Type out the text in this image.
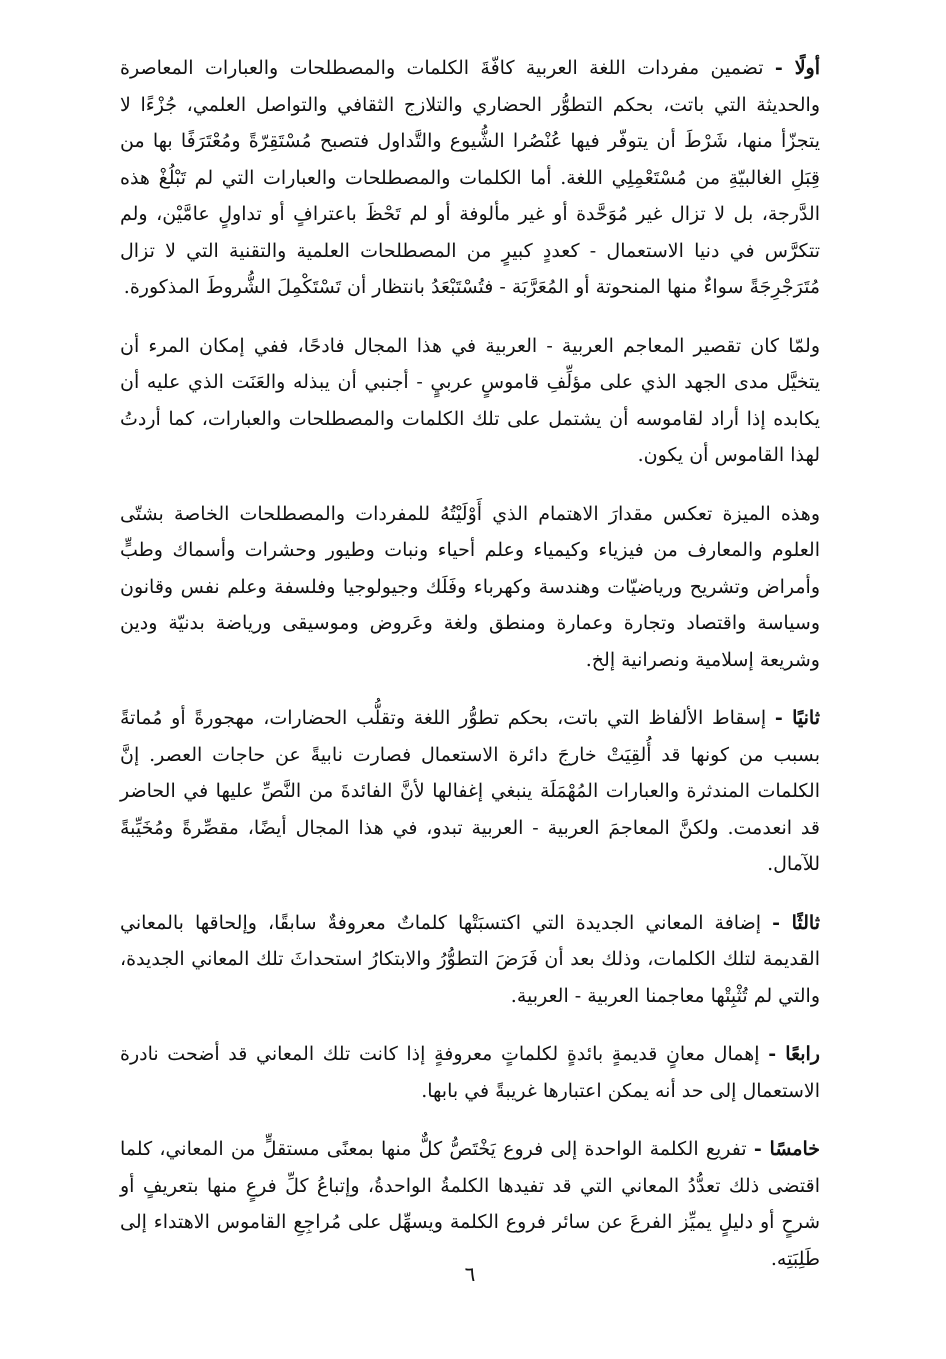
أولًا - تضمين مفردات اللغة العربية كافّةَ الكلمات والمصطلحات والعبارات المعاصرة والحديثة التي باتت، بحكم التطوُّر الحضاري والتلازج الثقافي والتواصل العلمي، جُزْءًا لا يتجزّأ منها، شَرْطَ أن يتوفّر فيها عُنْصُرا الشُّيوع والتَّداول فتصبح مُسْتَقِرّةً ومُعْتَرَفًا بها من قِبَلِ الغالبيّةِ من مُسْتَعْمِلِي اللغة. أما الكلمات والمصطلحات والعبارات التي لم تَبْلُغْ هذه الدَّرجة، بل لا تزال غير مُوَحَّدة أو غير مألوفة أو لم تَحْظَ باعترافٍ أو تداولٍ عامَّيْن، ولم تتكرَّس في دنيا الاستعمال - كعددٍ كبيرٍ من المصطلحات العلمية والتقنية التي لا تزال مُتَرَجْرِجَةً سواءٌ منها المنحوتة أو المُعَرَّبَة - فتُسْتَبْعَدُ بانتظار أن تَسْتَكْمِلَ الشُّروطَ المذكورة.

ولمّا كان تقصير المعاجم العربية - العربية في هذا المجال فادحًا، ففي إمكان المرء أن يتخيَّل مدى الجهد الذي على مؤلِّفِ قاموسٍ عربيٍ - أجنبي أن يبذله والعَنَت الذي عليه أن يكابده إذا أراد لقاموسه أن يشتمل على تلك الكلمات والمصطلحات والعبارات، كما أردتُ لهذا القاموس أن يكون.

وهذه الميزة تعكس مقدارَ الاهتمام الذي أَوْلَيْتُهُ للمفردات والمصطلحات الخاصة بشتّى العلوم والمعارف من فيزياء وكيمياء وعلم أحياء ونبات وطيور وحشرات وأسماك وطبٍّ وأمراض وتشريح ورياضيّات وهندسة وكهرباء وفَلَك وجيولوجيا وفلسفة وعلم نفس وقانون وسياسة واقتصاد وتجارة وعمارة ومنطق ولغة وعَروض وموسيقى ورياضة بدنيّة ودين وشريعة إسلامية ونصرانية إلخ.

ثانيًا - إسقاط الألفاظ التي باتت، بحكم تطوُّر اللغة وتقلُّب الحضارات، مهجورةً أو مُماتةً بسبب من كونها قد أُلقِيَتْ خارجَ دائرة الاستعمال فصارت نابيةً عن حاجات العصر. إنَّ الكلمات المندثرة والعبارات المُهْمَلَة ينبغي إغفالها لأنَّ الفائدةَ من النَّصِّ عليها في الحاضر قد انعدمت. ولكنَّ المعاجمَ العربية - العربية تبدو، في هذا المجال أيضًا، مقصِّرةً ومُخَيِّبةً للآمال.

ثالثًا - إضافة المعاني الجديدة التي اكتسبَتْها كلماتٌ معروفةٌ سابقًا، وإلحاقها بالمعاني القديمة لتلك الكلمات، وذلك بعد أن فَرَضَ التطوُّرُ والابتكارُ استحداثَ تلك المعاني الجديدة، والتي لم تُثْبِتْها معاجمنا العربية - العربية.

رابعًا - إهمال معانٍ قديمةٍ بائدةٍ لكلماتٍ معروفةٍ إذا كانت تلك المعاني قد أضحت نادرة الاستعمال إلى حد أنه يمكن اعتبارها غريبةً في بابها.

خامسًا - تفريع الكلمة الواحدة إلى فروع يَخْتَصُّ كلٌّ منها بمعنًى مستقلٍّ من المعاني، كلما اقتضى ذلك تعدُّدُ المعاني التي قد تفيدها الكلمةُ الواحدةُ، وإتباعُ كلِّ فرعٍ منها بتعريفٍ أو شرحٍ أو دليلٍ يميِّز الفرعَ عن سائر فروع الكلمة ويسهِّل على مُراجِعِ القاموس الاهتداء إلى طَلِبَتِه.

٦
